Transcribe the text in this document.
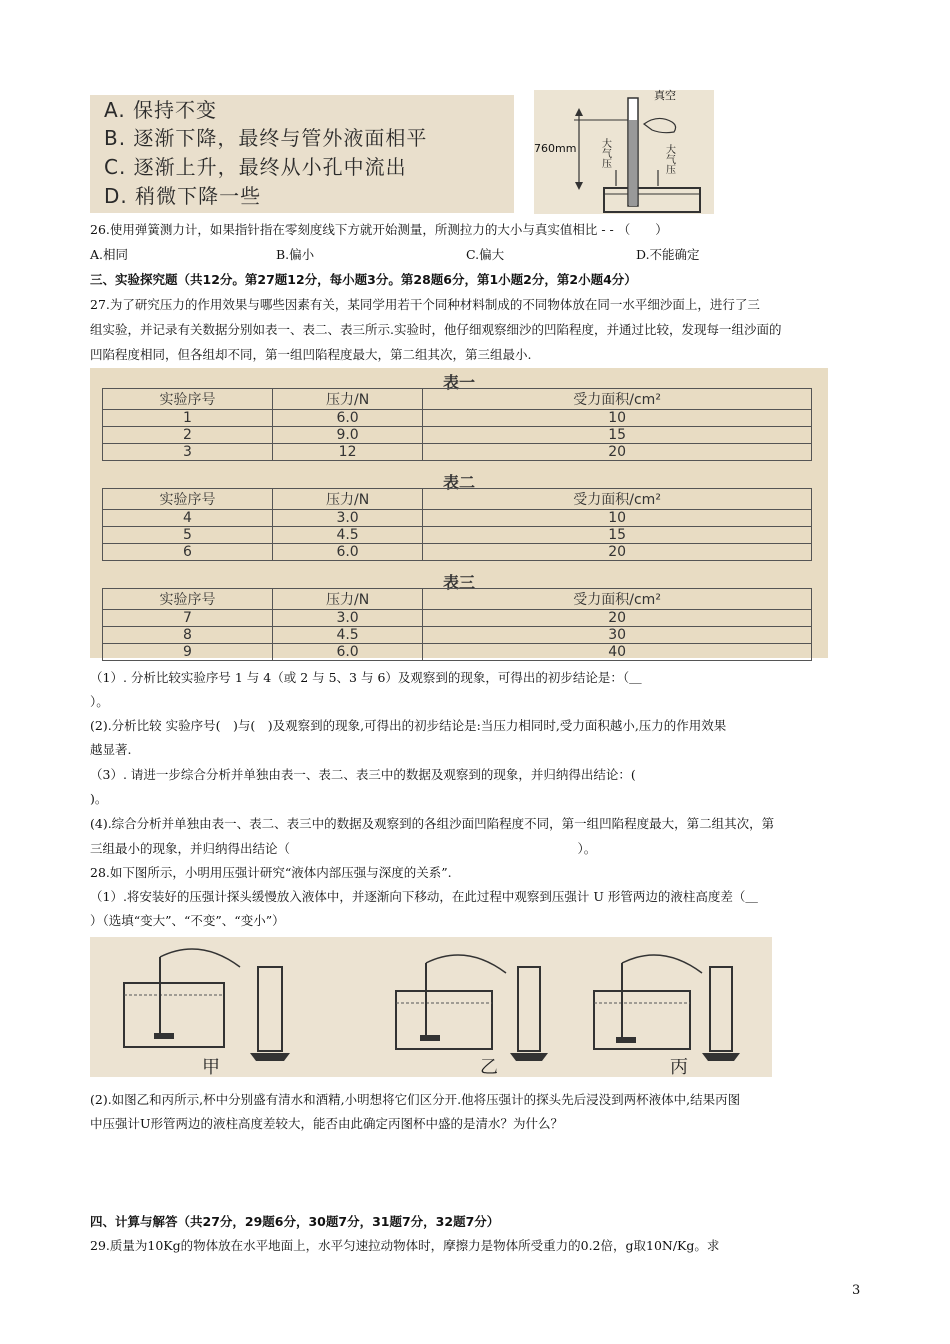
A. 保持不变
B. 逐渐下降，最终与管外液面相平
C. 逐渐上升，最终从小孔中流出
D. 稍微下降一些
真空
760mm	大气压
大气压
26.使用弹簧测力计，如果指针指在零刻度线下方就开始测量，所测拉力的大小与真实值相比 - - （　　）
A.相同	B.偏小	C.偏大	D.不能确定
三、实验探究题（共12分。第27题12分，每小题3分。第28题6分，第1小题2分，第2小题4分）
27.为了研究压力的作用效果与哪些因素有关，某同学用若干个同种材料制成的不同物体放在同一水平细沙面上，进行了三
组实验，并记录有关数据分别如表一、表二、表三所示.实验时，他仔细观察细沙的凹陷程度，并通过比较，发现每一组沙面的
凹陷程度相同，但各组却不同，第一组凹陷程度最大，第二组其次，第三组最小.
表一
实验序号	压力/N	受力面积/cm²
1	6.0	10
2	9.0	15
3	12	20
表二
实验序号	压力/N	受力面积/cm²
4	3.0	10
5	4.5	15
6	6.0	20
表三
实验序号	压力/N	受力面积/cm²
7	3.0	20
8	4.5	30
9	6.0	40
（1）. 分析比较实验序号 1 与 4（或 2 与 5、3 与 6）及观察到的现象，可得出的初步结论是：（＿
）。
(2).分析比较 实验序号(　)与(　)及观察到的现象,可得出的初步结论是:当压力相同时,受力面积越小,压力的作用效果
越显著.
（3）. 请进一步综合分析并单独由表一、表二、表三中的数据及观察到的现象，并归纳得出结论：(
)。
(4).综合分析并单独由表一、表二、表三中的数据及观察到的各组沙面凹陷程度不同，第一组凹陷程度最大，第二组其次，第
三组最小的现象，并归纳得出结论（　　　　　　　　　　　　　　　　　　　　　　　）。
28.如下图所示，小明用压强计研究“液体内部压强与深度的关系”.
（1）.将安装好的压强计探头缓慢放入液体中，并逐渐向下移动，在此过程中观察到压强计 U 形管两边的液柱高度差（＿
）（选填“变大”、“不变”、“变小”）
甲	乙	丙
(2).如图乙和丙所示,杯中分别盛有清水和酒精,小明想将它们区分开.他将压强计的探头先后浸没到两杯液体中,结果丙图
中压强计U形管两边的液柱高度差较大，能否由此确定丙图杯中盛的是清水？为什么？
四、计算与解答（共27分，29题6分，30题7分，31题7分，32题7分）
29.质量为10Kg的物体放在水平地面上，水平匀速拉动物体时，摩擦力是物体所受重力的0.2倍，g取10N/Kg。求
3
